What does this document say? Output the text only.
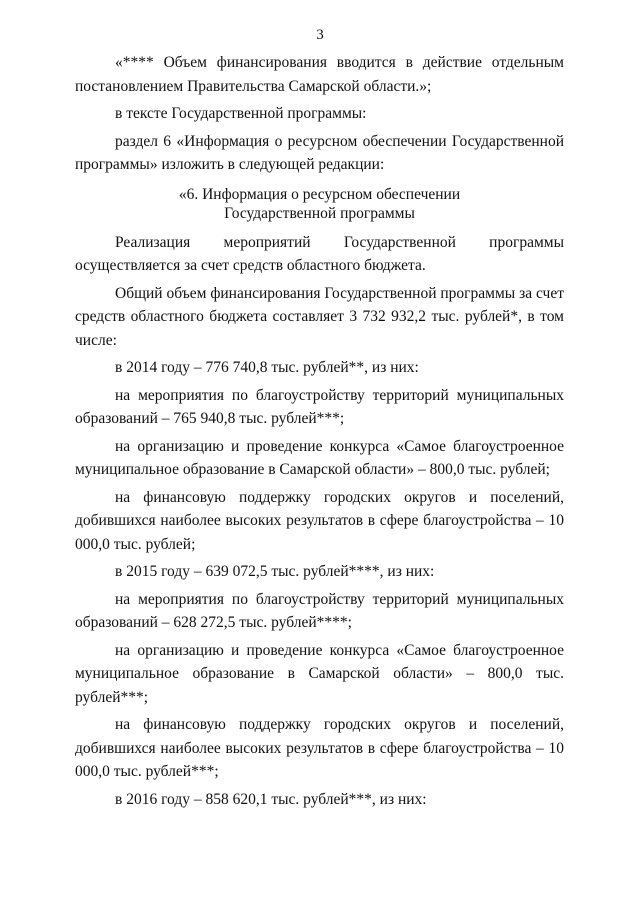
3

«**** Объем финансирования вводится в действие отдельным постановлением Правительства Самарской области.»;

в тексте Государственной программы:

раздел 6 «Информация о ресурсном обеспечении Государственной программы» изложить в следующей редакции:

«6. Информация о ресурсном обеспечении
Государственной программы

Реализация мероприятий Государственной программы осуществляется за счет средств областного бюджета.

Общий объем финансирования Государственной программы за счет средств областного бюджета составляет 3 732 932,2 тыс. рублей*, в том числе:

в 2014 году – 776 740,8 тыс. рублей**, из них:

на мероприятия по благоустройству территорий муниципальных образований – 765 940,8 тыс. рублей***;

на организацию и проведение конкурса «Самое благоустроенное муниципальное образование в Самарской области» – 800,0 тыс. рублей;

на финансовую поддержку городских округов и поселений, добившихся наиболее высоких результатов в сфере благоустройства – 10 000,0 тыс. рублей;

в 2015 году – 639 072,5 тыс. рублей****, из них:

на мероприятия по благоустройству территорий муниципальных образований – 628 272,5 тыс. рублей****;

на организацию и проведение конкурса «Самое благоустроенное муниципальное образование в Самарской области» – 800,0 тыс. рублей***;

на финансовую поддержку городских округов и поселений, добившихся наиболее высоких результатов в сфере благоустройства – 10 000,0 тыс. рублей***;

в 2016 году – 858 620,1 тыс. рублей***, из них:
